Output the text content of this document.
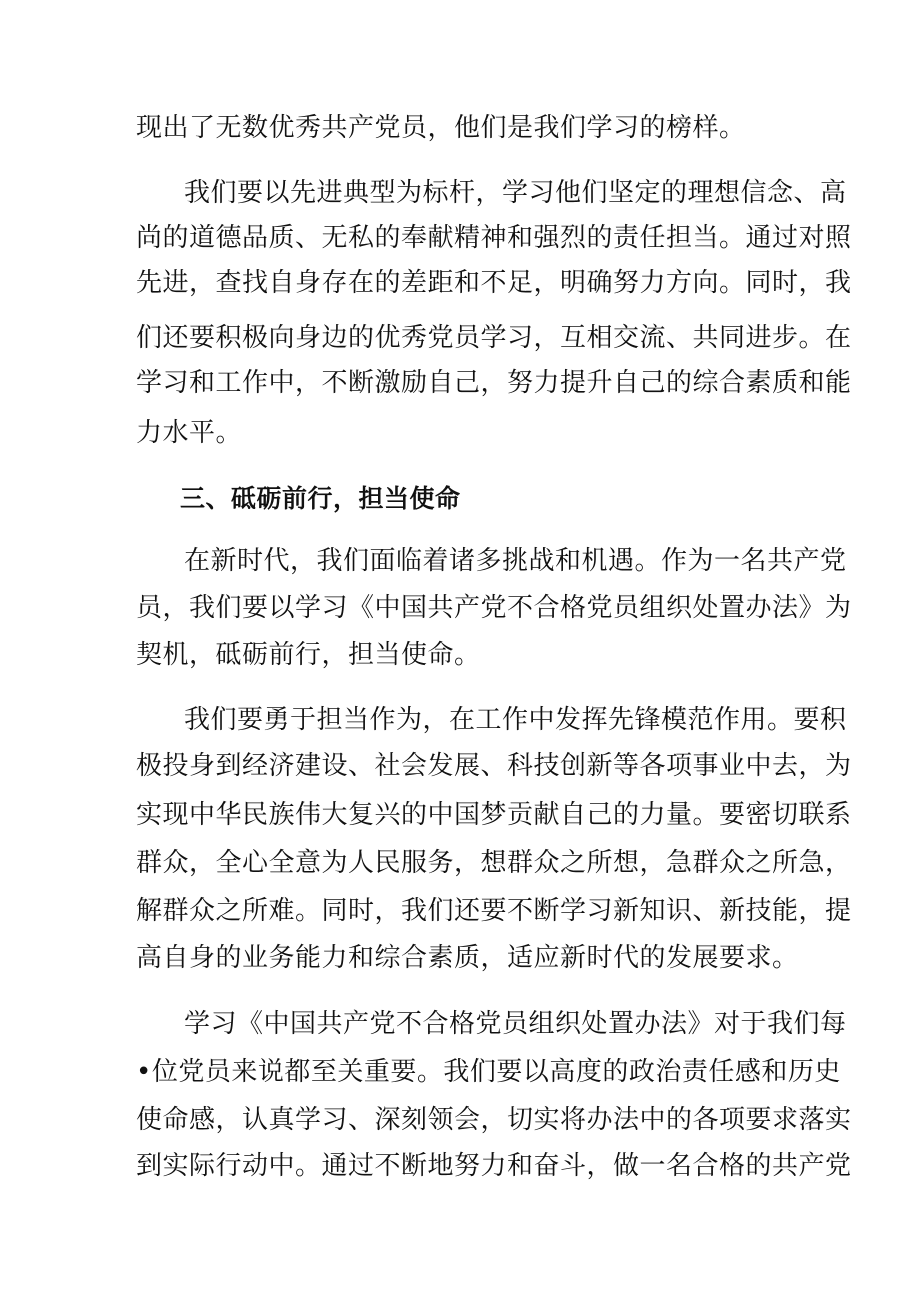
现出了无数优秀共产党员，他们是我们学习的榜样。
我们要以先进典型为标杆，学习他们坚定的理想信念、高
尚的道德品质、无私的奉献精神和强烈的责任担当。通过对照
先进，查找自身存在的差距和不足，明确努力方向。同时，我
们还要积极向身边的优秀党员学习，互相交流、共同进步。在
学习和工作中，不断激励自己，努力提升自己的综合素质和能
力水平。
三、砥砺前行，担当使命
在新时代，我们面临着诸多挑战和机遇。作为一名共产党
员，我们要以学习《中国共产党不合格党员组织处置办法》为
契机，砥砺前行，担当使命。
我们要勇于担当作为，在工作中发挥先锋模范作用。要积
极投身到经济建设、社会发展、科技创新等各项事业中去，为
实现中华民族伟大复兴的中国梦贡献自己的力量。要密切联系
群众，全心全意为人民服务，想群众之所想，急群众之所急，
解群众之所难。同时，我们还要不断学习新知识、新技能，提
高自身的业务能力和综合素质，适应新时代的发展要求。
学习《中国共产党不合格党员组织处置办法》对于我们每
•位党员来说都至关重要。我们要以高度的政治责任感和历史
使命感，认真学习、深刻领会，切实将办法中的各项要求落实
到实际行动中。通过不断地努力和奋斗，做一名合格的共产党
